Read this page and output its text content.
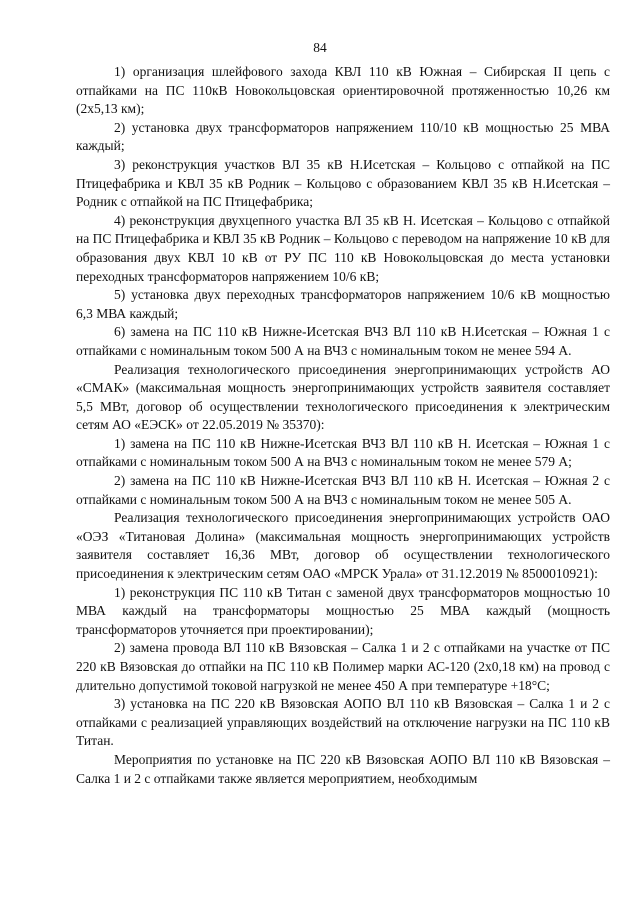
84

1) организация шлейфового захода КВЛ 110 кВ Южная – Сибирская II цепь с отпайками на ПС 110кВ Новокольцовская ориентировочной протяженностью 10,26 км (2х5,13 км);

2) установка двух трансформаторов напряжением 110/10 кВ мощностью 25 МВА каждый;

3) реконструкция участков ВЛ 35 кВ Н.Исетская – Кольцово с отпайкой на ПС Птицефабрика и КВЛ 35 кВ Родник – Кольцово с образованием КВЛ 35 кВ Н.Исетская – Родник с отпайкой на ПС Птицефабрика;

4) реконструкция двухцепного участка ВЛ 35 кВ Н. Исетская – Кольцово с отпайкой на ПС Птицефабрика и КВЛ 35 кВ Родник – Кольцово с переводом на напряжение 10 кВ для образования двух КВЛ 10 кВ от РУ ПС 110 кВ Новокольцовская до места установки переходных трансформаторов напряжением 10/6 кВ;

5) установка двух переходных трансформаторов напряжением 10/6 кВ мощностью 6,3 МВА каждый;

6) замена на ПС 110 кВ Нижне-Исетская ВЧЗ ВЛ 110 кВ Н.Исетская – Южная 1 с отпайками с номинальным током 500 А на ВЧЗ с номинальным током не менее 594 А.

Реализация технологического присоединения энергопринимающих устройств АО «СМАК» (максимальная мощность энергопринимающих устройств заявителя составляет 5,5 МВт, договор об осуществлении технологического присоединения к электрическим сетям АО «ЕЭСК» от 22.05.2019 № 35370):

1) замена на ПС 110 кВ Нижне-Исетская ВЧЗ ВЛ 110 кВ Н. Исетская – Южная 1 с отпайками с номинальным током 500 А на ВЧЗ с номинальным током не менее 579 А;

2) замена на ПС 110 кВ Нижне-Исетская ВЧЗ ВЛ 110 кВ Н. Исетская – Южная 2 с отпайками с номинальным током 500 А на ВЧЗ с номинальным током не менее 505 А.

Реализация технологического присоединения энергопринимающих устройств ОАО «ОЭЗ «Титановая Долина» (максимальная мощность энергопринимающих устройств заявителя составляет 16,36 МВт, договор об осуществлении технологического присоединения к электрическим сетям ОАО «МРСК Урала» от 31.12.2019 № 8500010921):

1) реконструкция ПС 110 кВ Титан с заменой двух трансформаторов мощностью 10 МВА каждый на трансформаторы мощностью 25 МВА каждый (мощность трансформаторов уточняется при проектировании);

2) замена провода ВЛ 110 кВ Вязовская – Салка 1 и 2 с отпайками на участке от ПС 220 кВ Вязовская до отпайки на ПС 110 кВ Полимер марки АС-120 (2х0,18 км) на провод с длительно допустимой токовой нагрузкой не менее 450 А при температуре +18°С;

3) установка на ПС 220 кВ Вязовская АОПО ВЛ 110 кВ Вязовская – Салка 1 и 2 с отпайками с реализацией управляющих воздействий на отключение нагрузки на ПС 110 кВ Титан.

Мероприятия по установке на ПС 220 кВ Вязовская АОПО ВЛ 110 кВ Вязовская – Салка 1 и 2 с отпайками также является мероприятием, необходимым
